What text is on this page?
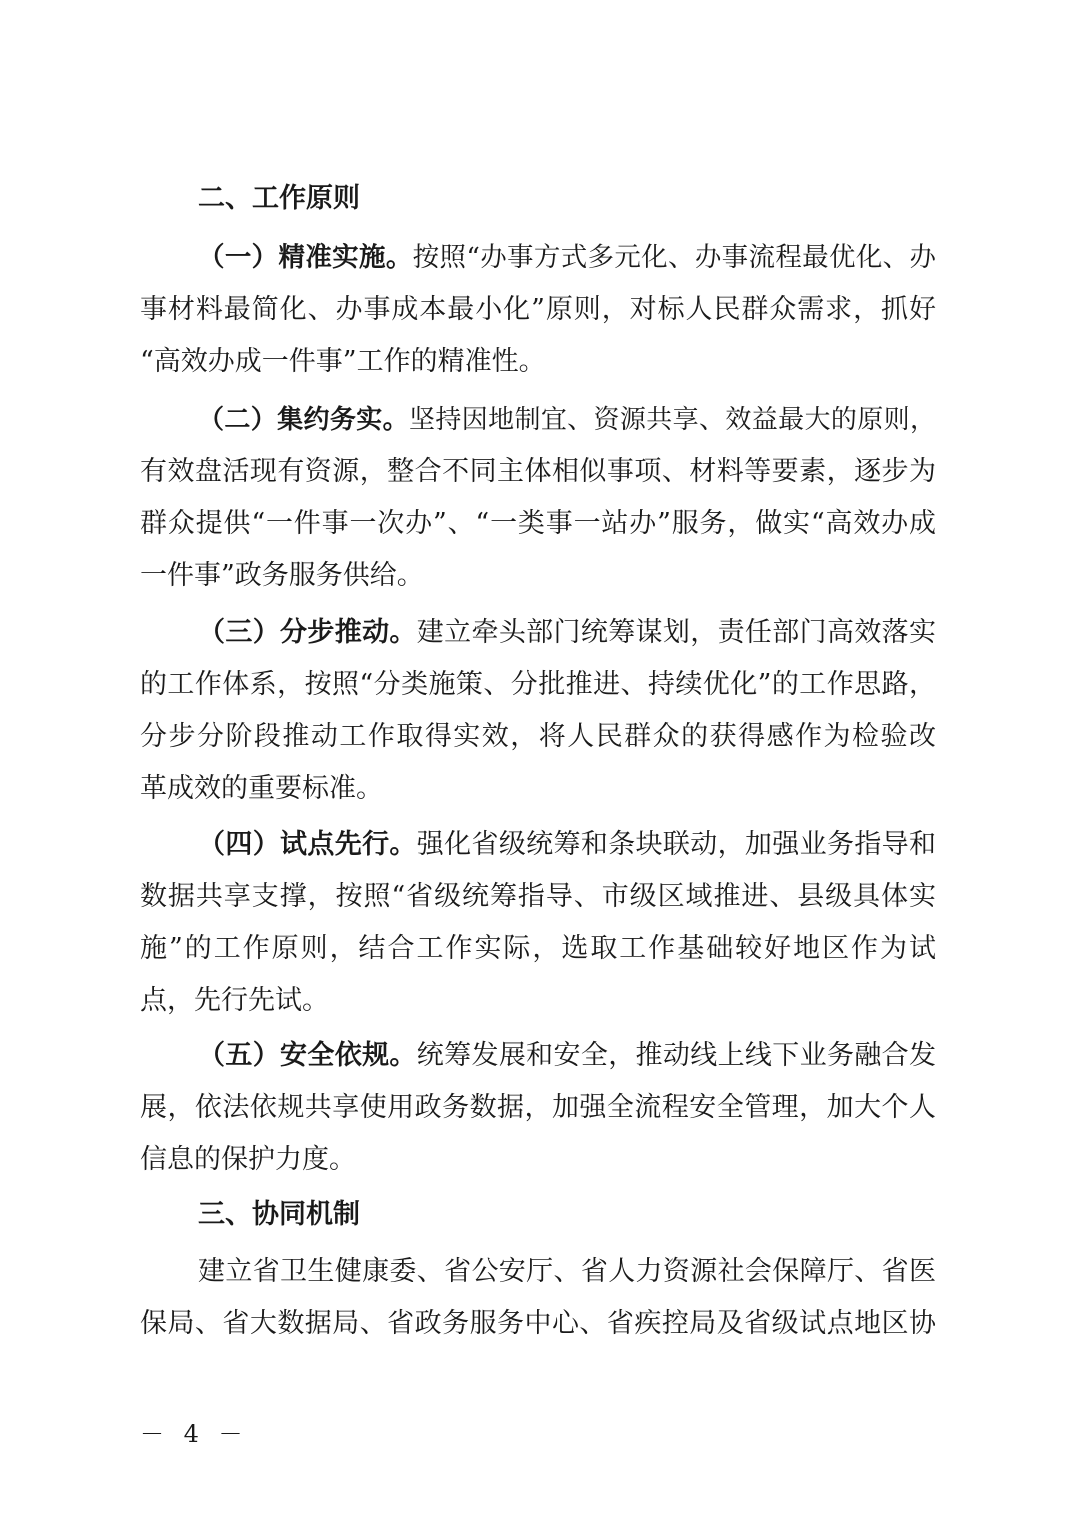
二、工作原则
（一）精准实施。按照“办事方式多元化、办事流程最优化、办
事材料最简化、办事成本最小化”原则，对标人民群众需求，抓好
“高效办成一件事”工作的精准性。
（二）集约务实。坚持因地制宜、资源共享、效益最大的原则，
有效盘活现有资源，整合不同主体相似事项、材料等要素，逐步为
群众提供“一件事一次办”、“一类事一站办”服务，做实“高效办成
一件事”政务服务供给。
（三）分步推动。建立牵头部门统筹谋划，责任部门高效落实
的工作体系，按照“分类施策、分批推进、持续优化”的工作思路，
分步分阶段推动工作取得实效，将人民群众的获得感作为检验改
革成效的重要标准。
（四）试点先行。强化省级统筹和条块联动，加强业务指导和
数据共享支撑，按照“省级统筹指导、市级区域推进、县级具体实
施”的工作原则，结合工作实际，选取工作基础较好地区作为试
点，先行先试。
（五）安全依规。统筹发展和安全，推动线上线下业务融合发
展，依法依规共享使用政务数据，加强全流程安全管理，加大个人
信息的保护力度。
三、协同机制
建立省卫生健康委、省公安厅、省人力资源社会保障厅、省医
保局、省大数据局、省政务服务中心、省疾控局及省级试点地区协
－ 4 －
